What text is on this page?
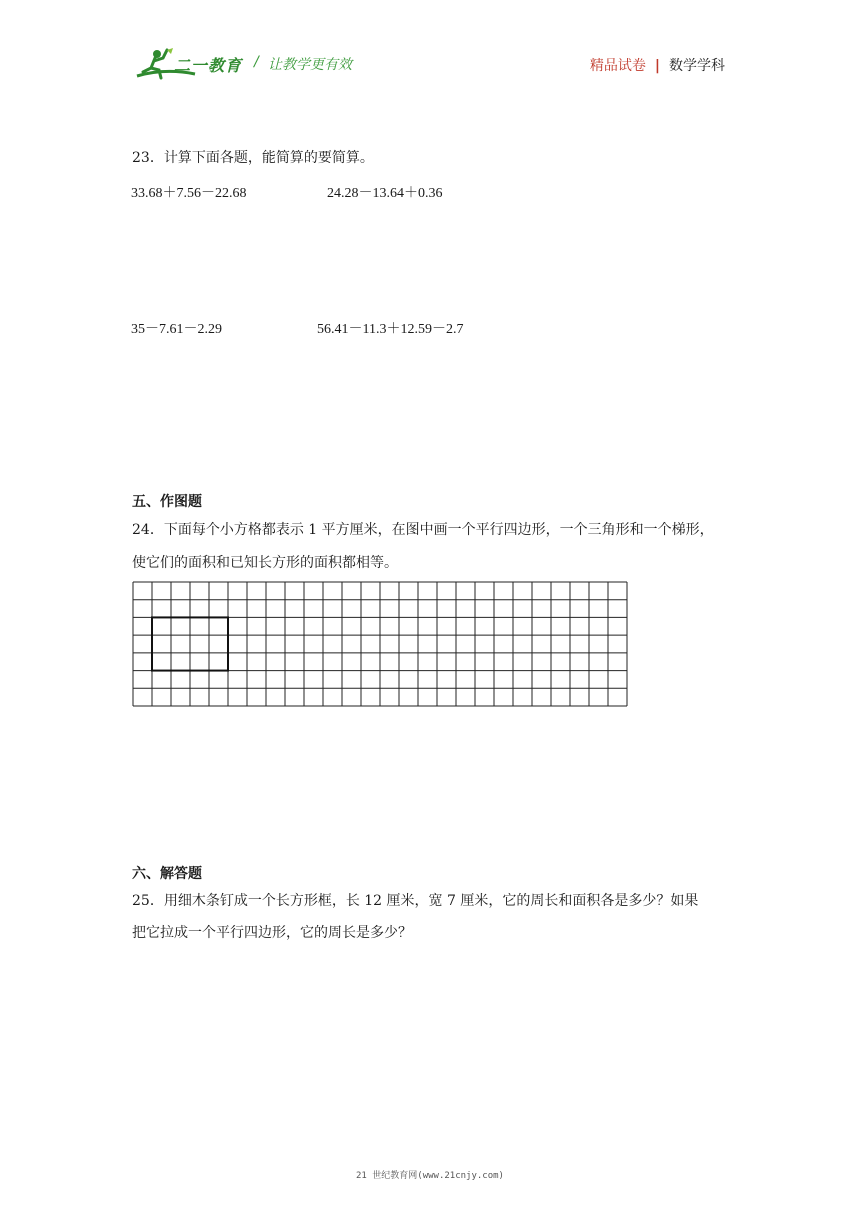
二一教育 / 让教学更有效	精品试卷 | 数学学科
23．计算下面各题，能简算的要简算。
33.68＋7.56－22.68	24.28－13.64＋0.36
35－7.61－2.29	56.41－11.3＋12.59－2.7
五、作图题
24．下面每个小方格都表示 1 平方厘米，在图中画一个平行四边形，一个三角形和一个梯形，
使它们的面积和已知长方形的面积都相等。
六、解答题
25．用细木条钉成一个长方形框，长 12 厘米，宽 7 厘米，它的周长和面积各是多少？如果
把它拉成一个平行四边形，它的周长是多少？
21 世纪教育网(www.21cnjy.com)
